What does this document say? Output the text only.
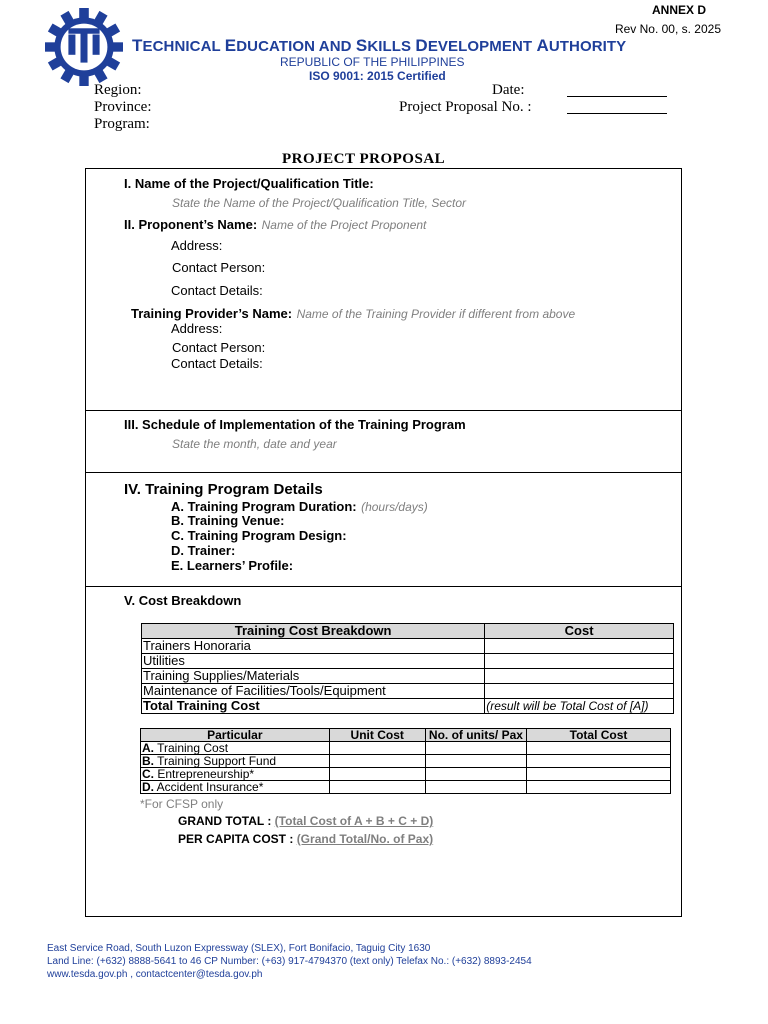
ANNEX D
Rev No. 00, s. 2025
TECHNICAL EDUCATION AND SKILLS DEVELOPMENT AUTHORITY
REPUBLIC OF THE PHILIPPINES
ISO 9001: 2015 Certified
Region:
Province:
Program:
Date:
Project Proposal No. :
PROJECT PROPOSAL
I. Name of the Project/Qualification Title:
State the Name of the Project/Qualification Title, Sector
II. Proponent’s Name: Name of the Project Proponent
Address:
Contact Person:
Contact Details:
Training Provider’s Name: Name of the Training Provider if different from above
Address:
Contact Person:
Contact Details:
III. Schedule of Implementation of the Training Program
State the month, date and year
IV. Training Program Details
A. Training Program Duration: (hours/days)
B. Training Venue:
C. Training Program Design:
D. Trainer:
E. Learners’ Profile:
V. Cost Breakdown
Training Cost Breakdown	Cost
Trainers Honoraria	
Utilities	
Training Supplies/Materials	
Maintenance of Facilities/Tools/Equipment	
Total Training Cost	(result will be Total Cost of [A])
Particular	Unit Cost	No. of units/ Pax	Total Cost
A. Training Cost			
B. Training Support Fund			
C. Entrepreneurship*			
D. Accident Insurance*			
*For CFSP only
GRAND TOTAL : (Total Cost of A + B + C + D)
PER CAPITA COST : (Grand Total/No. of Pax)
East Service Road, South Luzon Expressway (SLEX), Fort Bonifacio, Taguig City 1630
Land Line: (+632) 8888-5641 to 46 CP Number: (+63) 917-4794370 (text only) Telefax No.: (+632) 8893-2454
www.tesda.gov.ph , contactcenter@tesda.gov.ph
